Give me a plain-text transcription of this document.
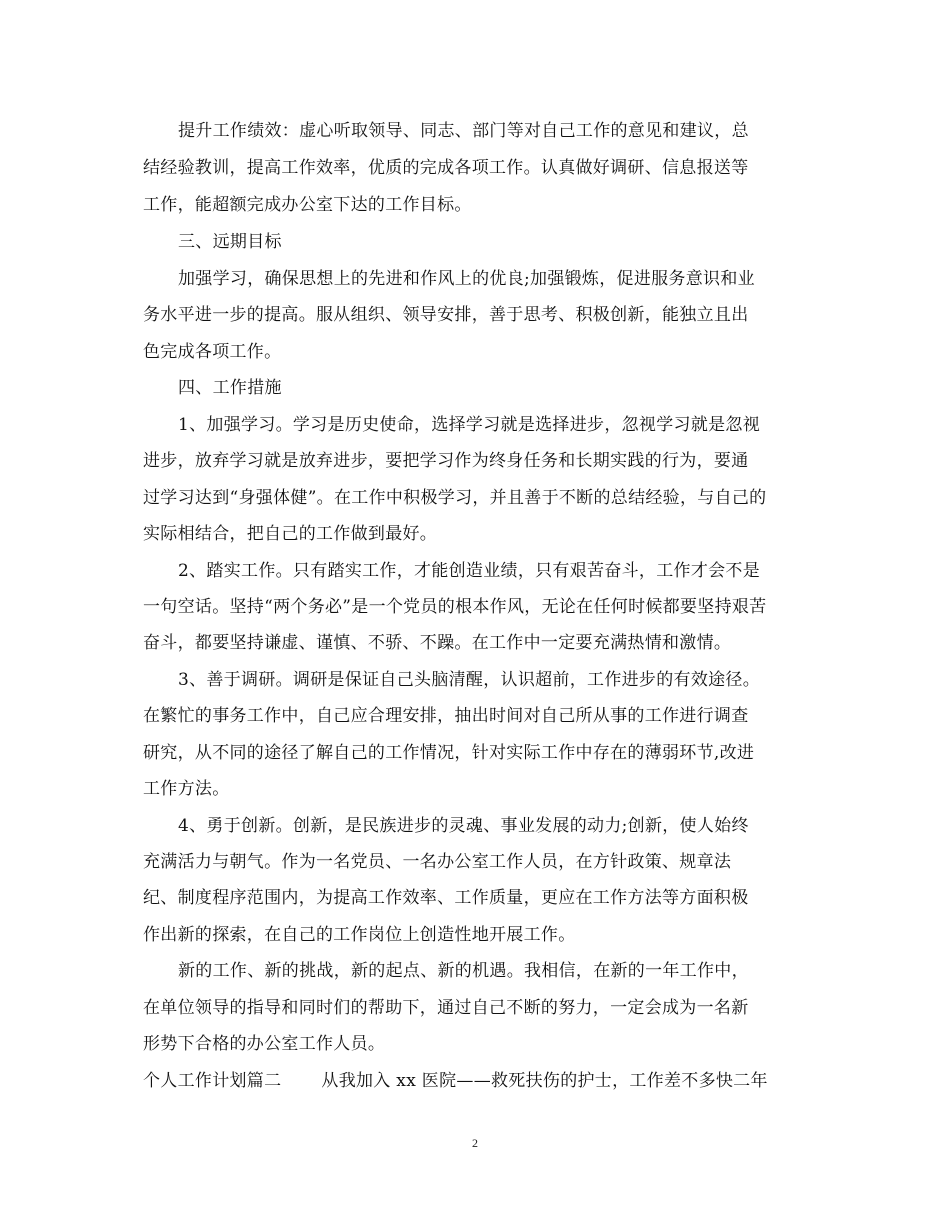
提升工作绩效：虚心听取领导、同志、部门等对自己工作的意见和建议，总
结经验教训，提高工作效率，优质的完成各项工作。认真做好调研、信息报送等
工作，能超额完成办公室下达的工作目标。
三、远期目标
加强学习，确保思想上的先进和作风上的优良;加强锻炼，促进服务意识和业
务水平进一步的提高。服从组织、领导安排，善于思考、积极创新，能独立且出
色完成各项工作。
四、工作措施
1、加强学习。学习是历史使命，选择学习就是选择进步，忽视学习就是忽视
进步，放弃学习就是放弃进步，要把学习作为终身任务和长期实践的行为，要通
过学习达到“身强体健”。在工作中积极学习，并且善于不断的总结经验，与自己的
实际相结合，把自己的工作做到最好。
2、踏实工作。只有踏实工作，才能创造业绩，只有艰苦奋斗，工作才会不是
一句空话。坚持“两个务必”是一个党员的根本作风，无论在任何时候都要坚持艰苦
奋斗，都要坚持谦虚、谨慎、不骄、不躁。在工作中一定要充满热情和激情。
3、善于调研。调研是保证自己头脑清醒，认识超前，工作进步的有效途径。
在繁忙的事务工作中，自己应合理安排，抽出时间对自己所从事的工作进行调查
研究，从不同的途径了解自己的工作情况，针对实际工作中存在的薄弱环节,改进
工作方法。
4、勇于创新。创新，是民族进步的灵魂、事业发展的动力;创新，使人始终
充满活力与朝气。作为一名党员、一名办公室工作人员，在方针政策、规章法
纪、制度程序范围内，为提高工作效率、工作质量，更应在工作方法等方面积极
作出新的探索，在自己的工作岗位上创造性地开展工作。
新的工作、新的挑战，新的起点、新的机遇。我相信，在新的一年工作中，
在单位领导的指导和同时们的帮助下，通过自己不断的努力，一定会成为一名新
形势下合格的办公室工作人员。
个人工作计划篇二 从我加入 xx 医院——救死扶伤的护士，工作差不多快二年
2
